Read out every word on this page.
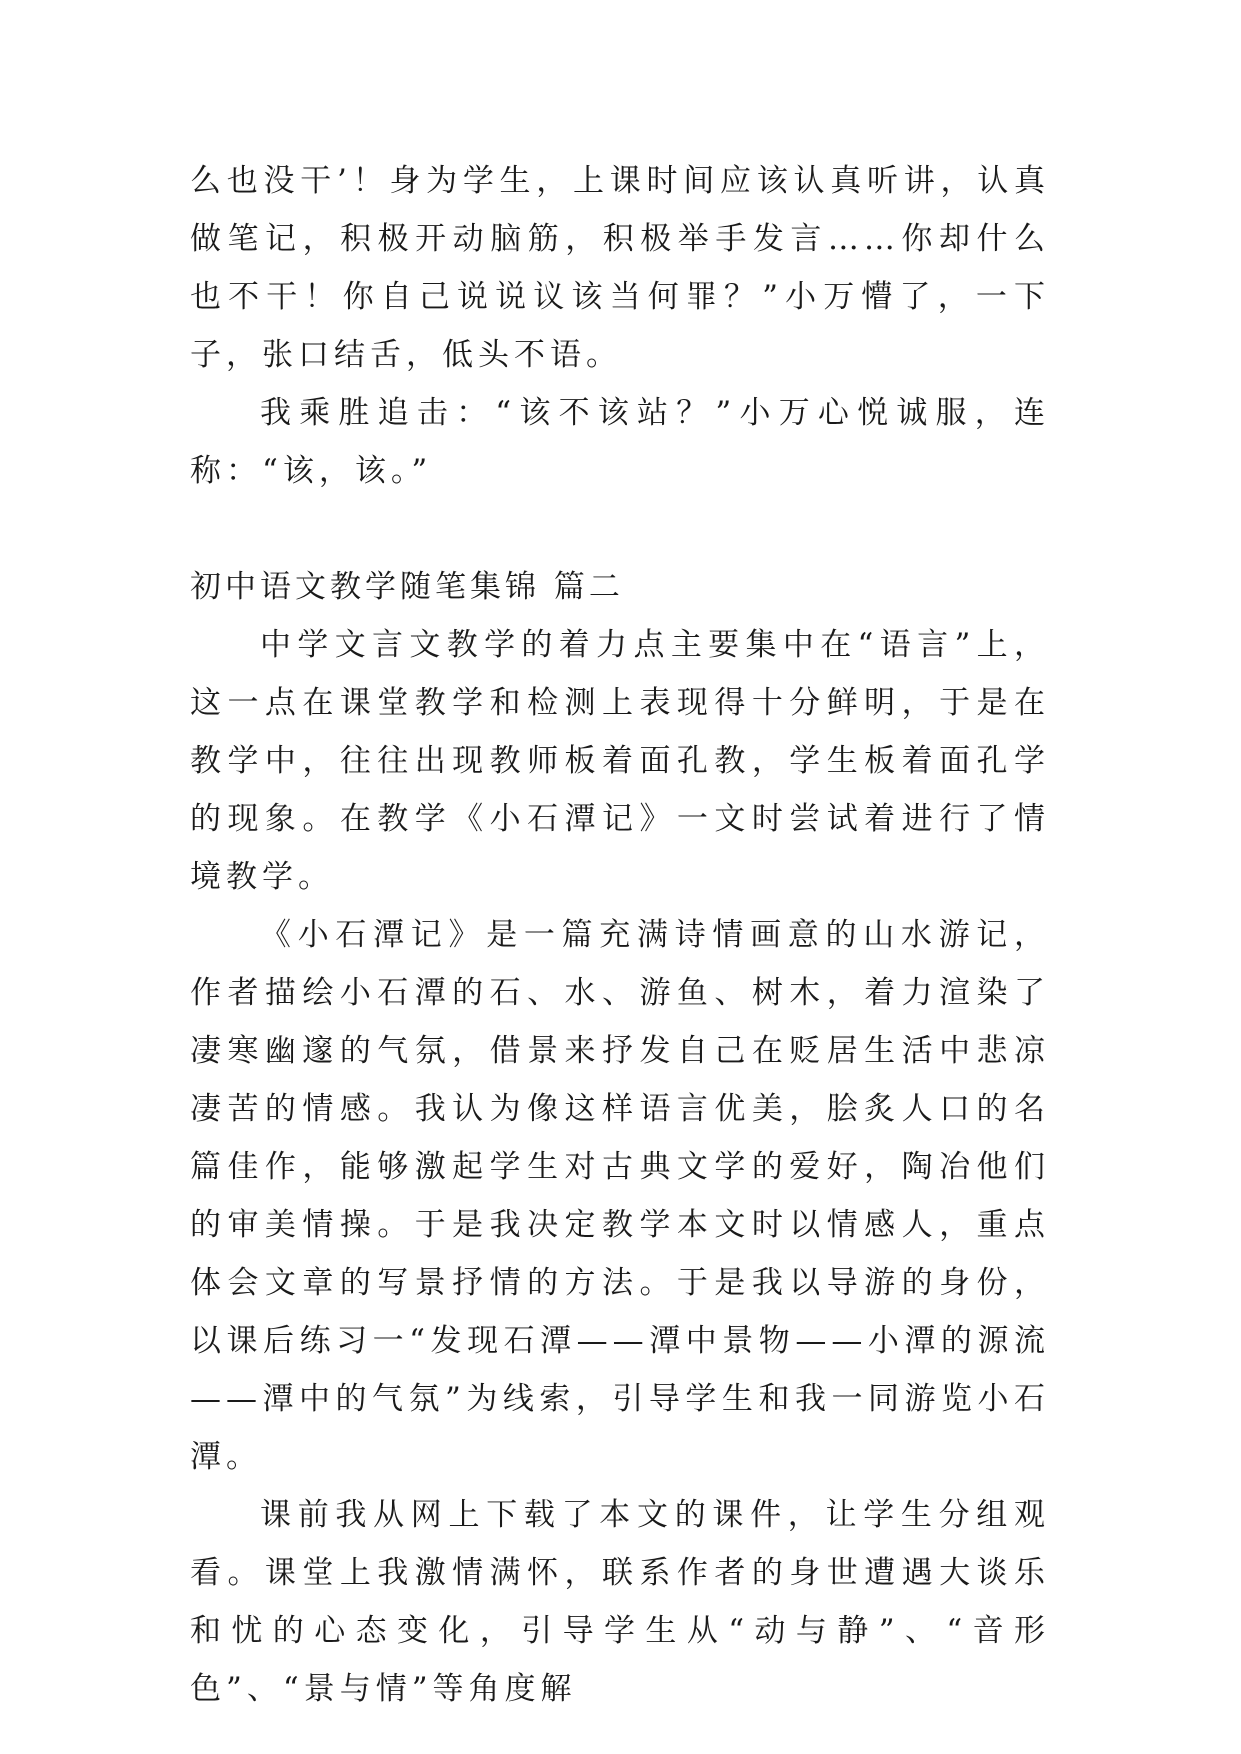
么也没干’！身为学生，上课时间应该认真听讲，认真做笔记，积极开动脑筋，积极举手发言……你却什么也不干！你自己说说议该当何罪？”小万懵了，一下子，张口结舌，低头不语。

我乘胜追击：“该不该站？”小万心悦诚服，连称：“该，该。”

初中语文教学随笔集锦 篇二

中学文言文教学的着力点主要集中在“语言”上，这一点在课堂教学和检测上表现得十分鲜明，于是在教学中，往往出现教师板着面孔教，学生板着面孔学的现象。在教学《小石潭记》一文时尝试着进行了情境教学。

《小石潭记》是一篇充满诗情画意的山水游记，作者描绘小石潭的石、水、游鱼、树木，着力渲染了凄寒幽邃的气氛，借景来抒发自己在贬居生活中悲凉凄苦的情感。我认为像这样语言优美，脍炙人口的名篇佳作，能够激起学生对古典文学的爱好，陶冶他们的审美情操。于是我决定教学本文时以情感人，重点体会文章的写景抒情的方法。于是我以导游的身份，以课后练习一“发现石潭——潭中景物——小潭的源流——潭中的气氛”为线索，引导学生和我一同游览小石潭。

课前我从网上下载了本文的课件，让学生分组观看。课堂上我激情满怀，联系作者的身世遭遇大谈乐和忧的心态变化，引导学生从“动与静”、“音形色”、“景与情”等角度解
